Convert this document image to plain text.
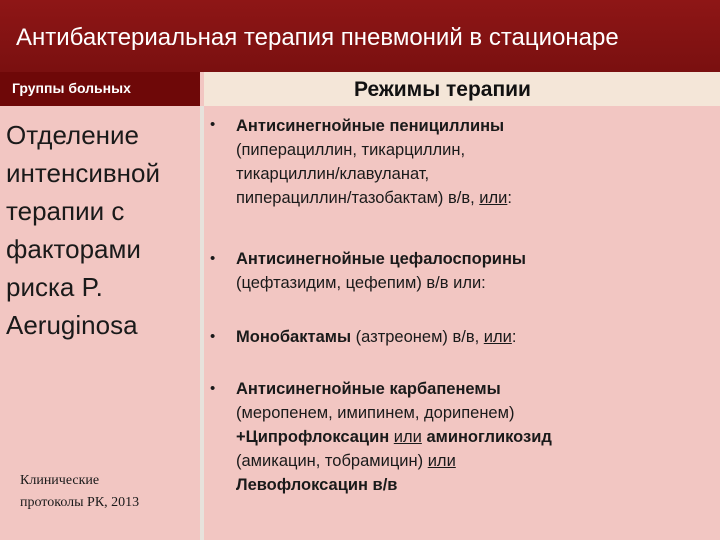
Антибактериальная терапия пневмоний в стационаре
Группы больных	Режимы терапии
Отделение
интенсивной
терапии с
факторами
риска P.
Aeruginosa
Клинические
протоколы РК, 2013
•
•
•
•
Антисинегнойные пенициллины
(пиперациллин, тикарциллин,
тикарциллин/клавуланат,
пиперациллин/тазобактам) в/в, или:
Антисинегнойные цефалоспорины
(цефтазидим, цефепим) в/в или:
Монобактамы (азтреонем) в/в, или:
Антисинегнойные карбапенемы
(меропенем, имипинем, дорипенем)
+Ципрофлоксацин или аминогликозид
(амикацин, тобрамицин) или
Левофлоксацин в/в
